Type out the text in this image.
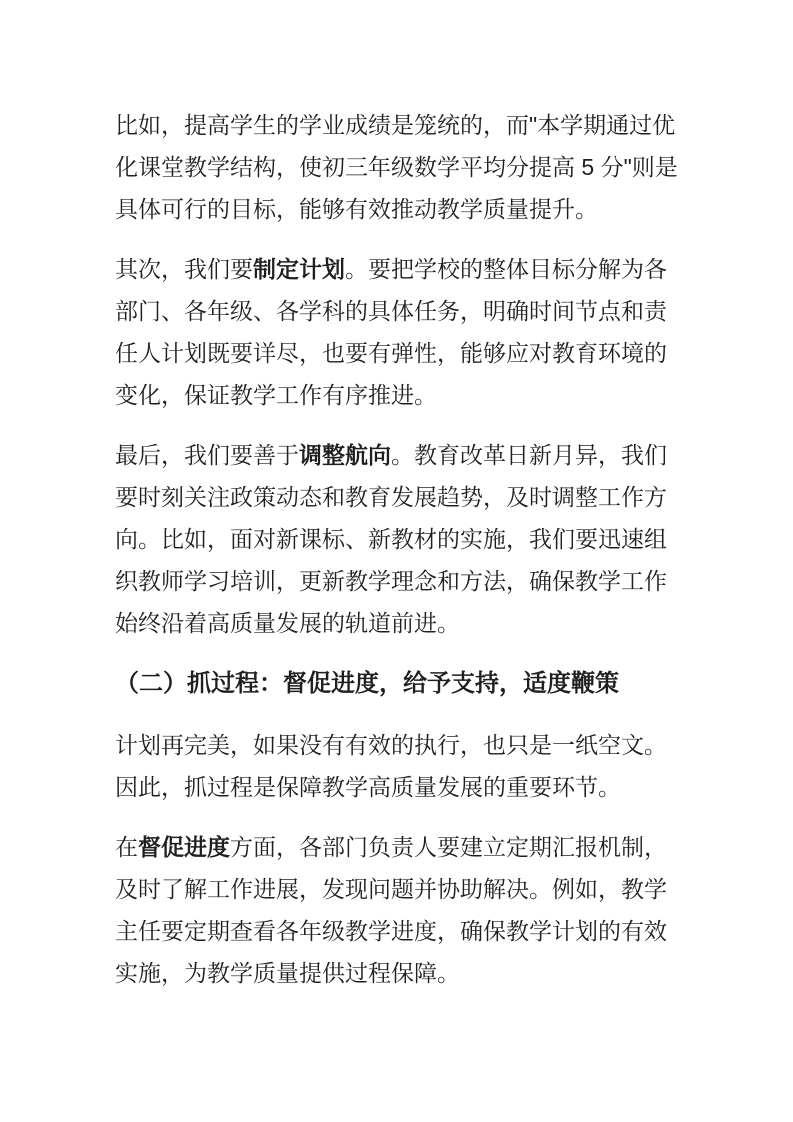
比如，提高学生的学业成绩是笼统的，而"本学期通过优化课堂教学结构，使初三年级数学平均分提高 5 分"则是具体可行的目标，能够有效推动教学质量提升。

其次，我们要制定计划。要把学校的整体目标分解为各部门、各年级、各学科的具体任务，明确时间节点和责任人计划既要详尽，也要有弹性，能够应对教育环境的变化，保证教学工作有序推进。

最后，我们要善于调整航向。教育改革日新月异，我们要时刻关注政策动态和教育发展趋势，及时调整工作方向。比如，面对新课标、新教材的实施，我们要迅速组织教师学习培训，更新教学理念和方法，确保教学工作始终沿着高质量发展的轨道前进。

（二）抓过程：督促进度，给予支持，适度鞭策

计划再完美，如果没有有效的执行，也只是一纸空文。因此，抓过程是保障教学高质量发展的重要环节。

在督促进度方面，各部门负责人要建立定期汇报机制，及时了解工作进展，发现问题并协助解决。例如，教学主任要定期查看各年级教学进度，确保教学计划的有效实施，为教学质量提供过程保障。
